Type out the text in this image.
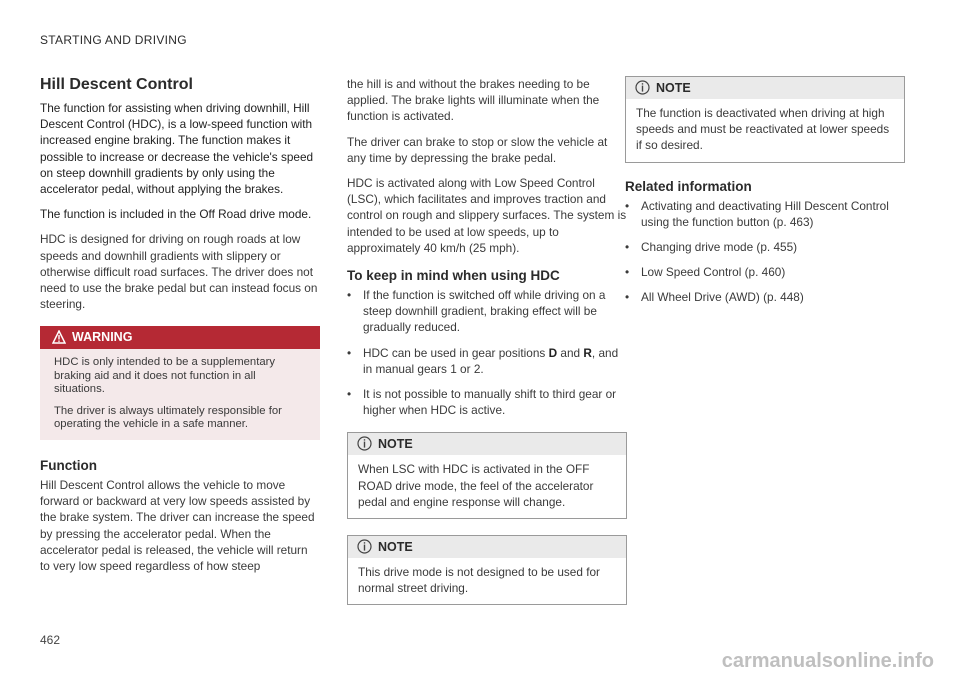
STARTING AND DRIVING
Hill Descent Control

The function for assisting when driving downhill, Hill Descent Control (HDC), is a low-speed function with increased engine braking. The function makes it possible to increase or decrease the vehicle's speed on steep downhill gradients by only using the accelerator pedal, without applying the brakes.

The function is included in the Off Road drive mode.

HDC is designed for driving on rough roads at low speeds and downhill gradients with slippery or otherwise difficult road surfaces. The driver does not need to use the brake pedal but can instead focus on steering.

WARNING

HDC is only intended to be a supplementary braking aid and it does not function in all situations.

The driver is always ultimately responsible for operating the vehicle in a safe manner.

Function

Hill Descent Control allows the vehicle to move forward or backward at very low speeds assisted by the brake system. The driver can increase the speed by pressing the accelerator pedal. When the accelerator pedal is released, the vehicle will return to very low speed regardless of how steep

the hill is and without the brakes needing to be applied. The brake lights will illuminate when the function is activated.

The driver can brake to stop or slow the vehicle at any time by depressing the brake pedal.

HDC is activated along with Low Speed Control (LSC), which facilitates and improves traction and control on rough and slippery surfaces. The system is intended to be used at low speeds, up to approximately 40 km/h (25 mph).

To keep in mind when using HDC
• If the function is switched off while driving on a steep downhill gradient, braking effect will be gradually reduced.
• HDC can be used in gear positions D and R, and in manual gears 1 or 2.
• It is not possible to manually shift to third gear or higher when HDC is active.
NOTE

When LSC with HDC is activated in the OFF ROAD drive mode, the feel of the accelerator pedal and engine response will change.

NOTE

This drive mode is not designed to be used for normal street driving.

NOTE

The function is deactivated when driving at high speeds and must be reactivated at lower speeds if so desired.

Related information
• Activating and deactivating Hill Descent Control using the function button (p. 463)
• Changing drive mode (p. 455)
• Low Speed Control (p. 460)
• All Wheel Drive (AWD) (p. 448)
462
carmanualsonline.info
